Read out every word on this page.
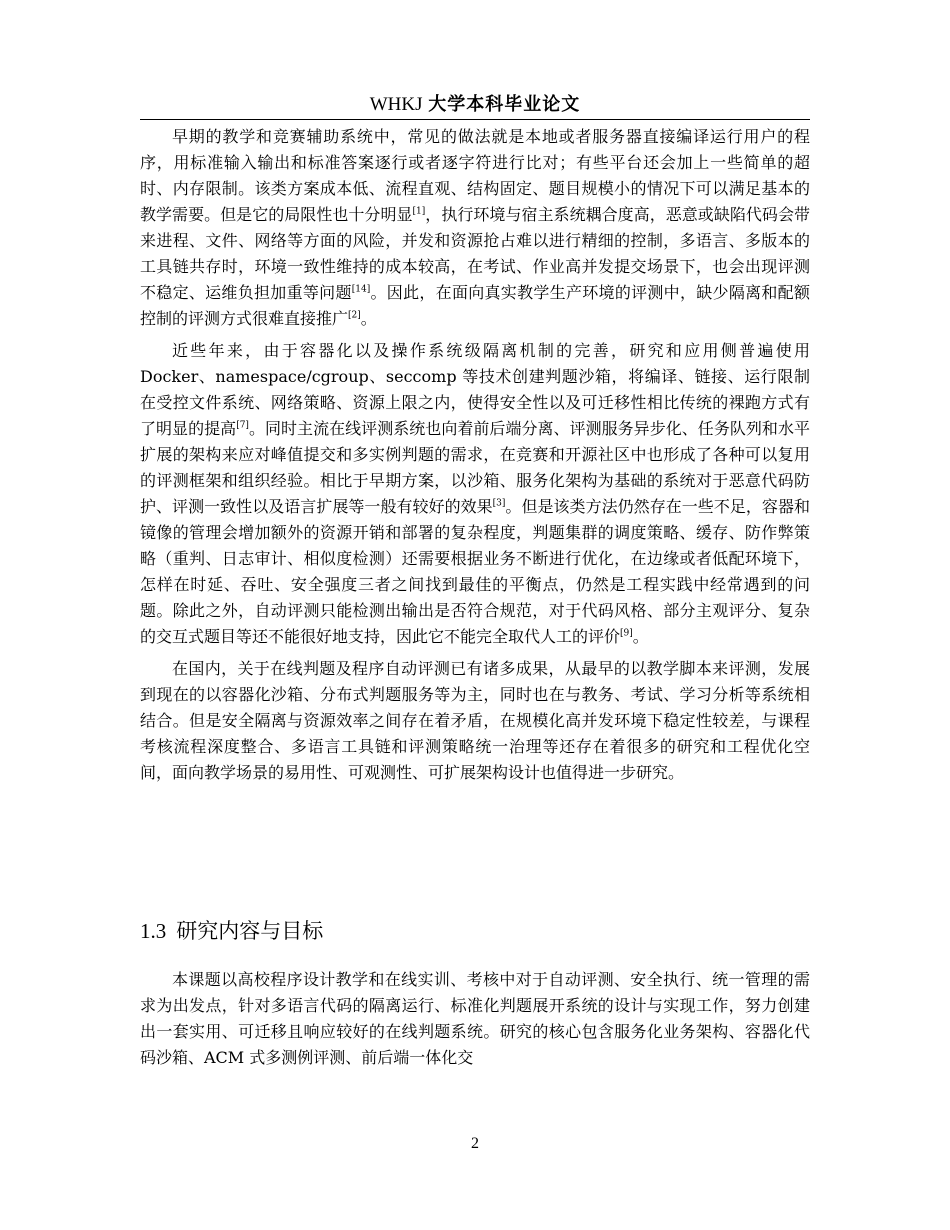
WHKJ 大学本科毕业论文

早期的教学和竞赛辅助系统中，常见的做法就是本地或者服务器直接编译运行用户的程序，用标准输入输出和标准答案逐行或者逐字符进行比对；有些平台还会加上一些简单的超时、内存限制。该类方案成本低、流程直观、结构固定、题目规模小的情况下可以满足基本的教学需要。但是它的局限性也十分明显[1]，执行环境与宿主系统耦合度高，恶意或缺陷代码会带来进程、文件、网络等方面的风险，并发和资源抢占难以进行精细的控制，多语言、多版本的工具链共存时，环境一致性维持的成本较高，在考试、作业高并发提交场景下，也会出现评测不稳定、运维负担加重等问题[14]。因此，在面向真实教学生产环境的评测中，缺少隔离和配额控制的评测方式很难直接推广[2]。

近些年来，由于容器化以及操作系统级隔离机制的完善，研究和应用侧普遍使用 Docker、namespace/cgroup、seccomp 等技术创建判题沙箱，将编译、链接、运行限制在受控文件系统、网络策略、资源上限之内，使得安全性以及可迁移性相比传统的裸跑方式有了明显的提高[7]。同时主流在线评测系统也向着前后端分离、评测服务异步化、任务队列和水平扩展的架构来应对峰值提交和多实例判题的需求，在竞赛和开源社区中也形成了各种可以复用的评测框架和组织经验。相比于早期方案，以沙箱、服务化架构为基础的系统对于恶意代码防护、评测一致性以及语言扩展等一般有较好的效果[3]。但是该类方法仍然存在一些不足，容器和镜像的管理会增加额外的资源开销和部署的复杂程度，判题集群的调度策略、缓存、防作弊策略（重判、日志审计、相似度检测）还需要根据业务不断进行优化，在边缘或者低配环境下，怎样在时延、吞吐、安全强度三者之间找到最佳的平衡点，仍然是工程实践中经常遇到的问题。除此之外，自动评测只能检测出输出是否符合规范，对于代码风格、部分主观评分、复杂的交互式题目等还不能很好地支持，因此它不能完全取代人工的评价[9]。

在国内，关于在线判题及程序自动评测已有诸多成果，从最早的以教学脚本来评测，发展到现在的以容器化沙箱、分布式判题服务等为主，同时也在与教务、考试、学习分析等系统相结合。但是安全隔离与资源效率之间存在着矛盾，在规模化高并发环境下稳定性较差，与课程考核流程深度整合、多语言工具链和评测策略统一治理等还存在着很多的研究和工程优化空间，面向教学场景的易用性、可观测性、可扩展架构设计也值得进一步研究。

1.3 研究内容与目标

本课题以高校程序设计教学和在线实训、考核中对于自动评测、安全执行、统一管理的需求为出发点，针对多语言代码的隔离运行、标准化判题展开系统的设计与实现工作，努力创建出一套实用、可迁移且响应较好的在线判题系统。研究的核心包含服务化业务架构、容器化代码沙箱、ACM 式多测例评测、前后端一体化交

2
